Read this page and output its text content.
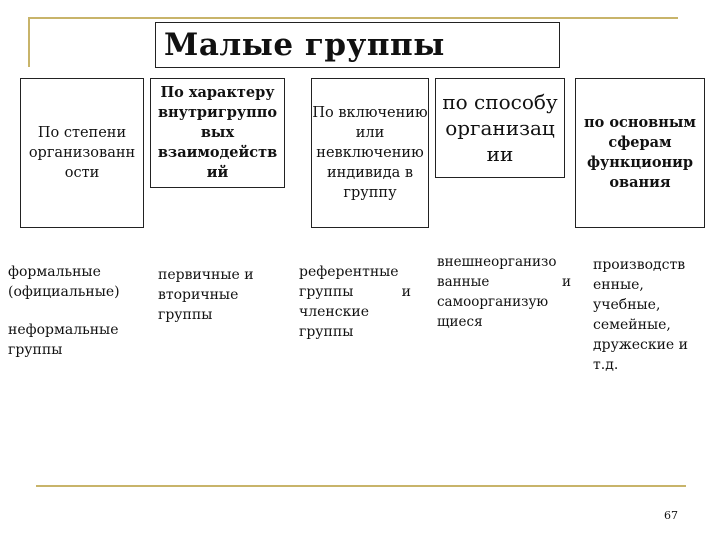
Малые группы
По степени организованн ости
По характеру внутригруппо вых взаимодейств ий
По включению или невключению индивида в группу
по способу организац ии
по основным сферам функционир ования
формальные (официальные)
неформальные группы
первичные и вторичные группы
референтные группы и членские группы
внешнеорганизо ванные и самоорганизую щиеся
производств енные, учебные, семейные, дружеские и т.д.
67
